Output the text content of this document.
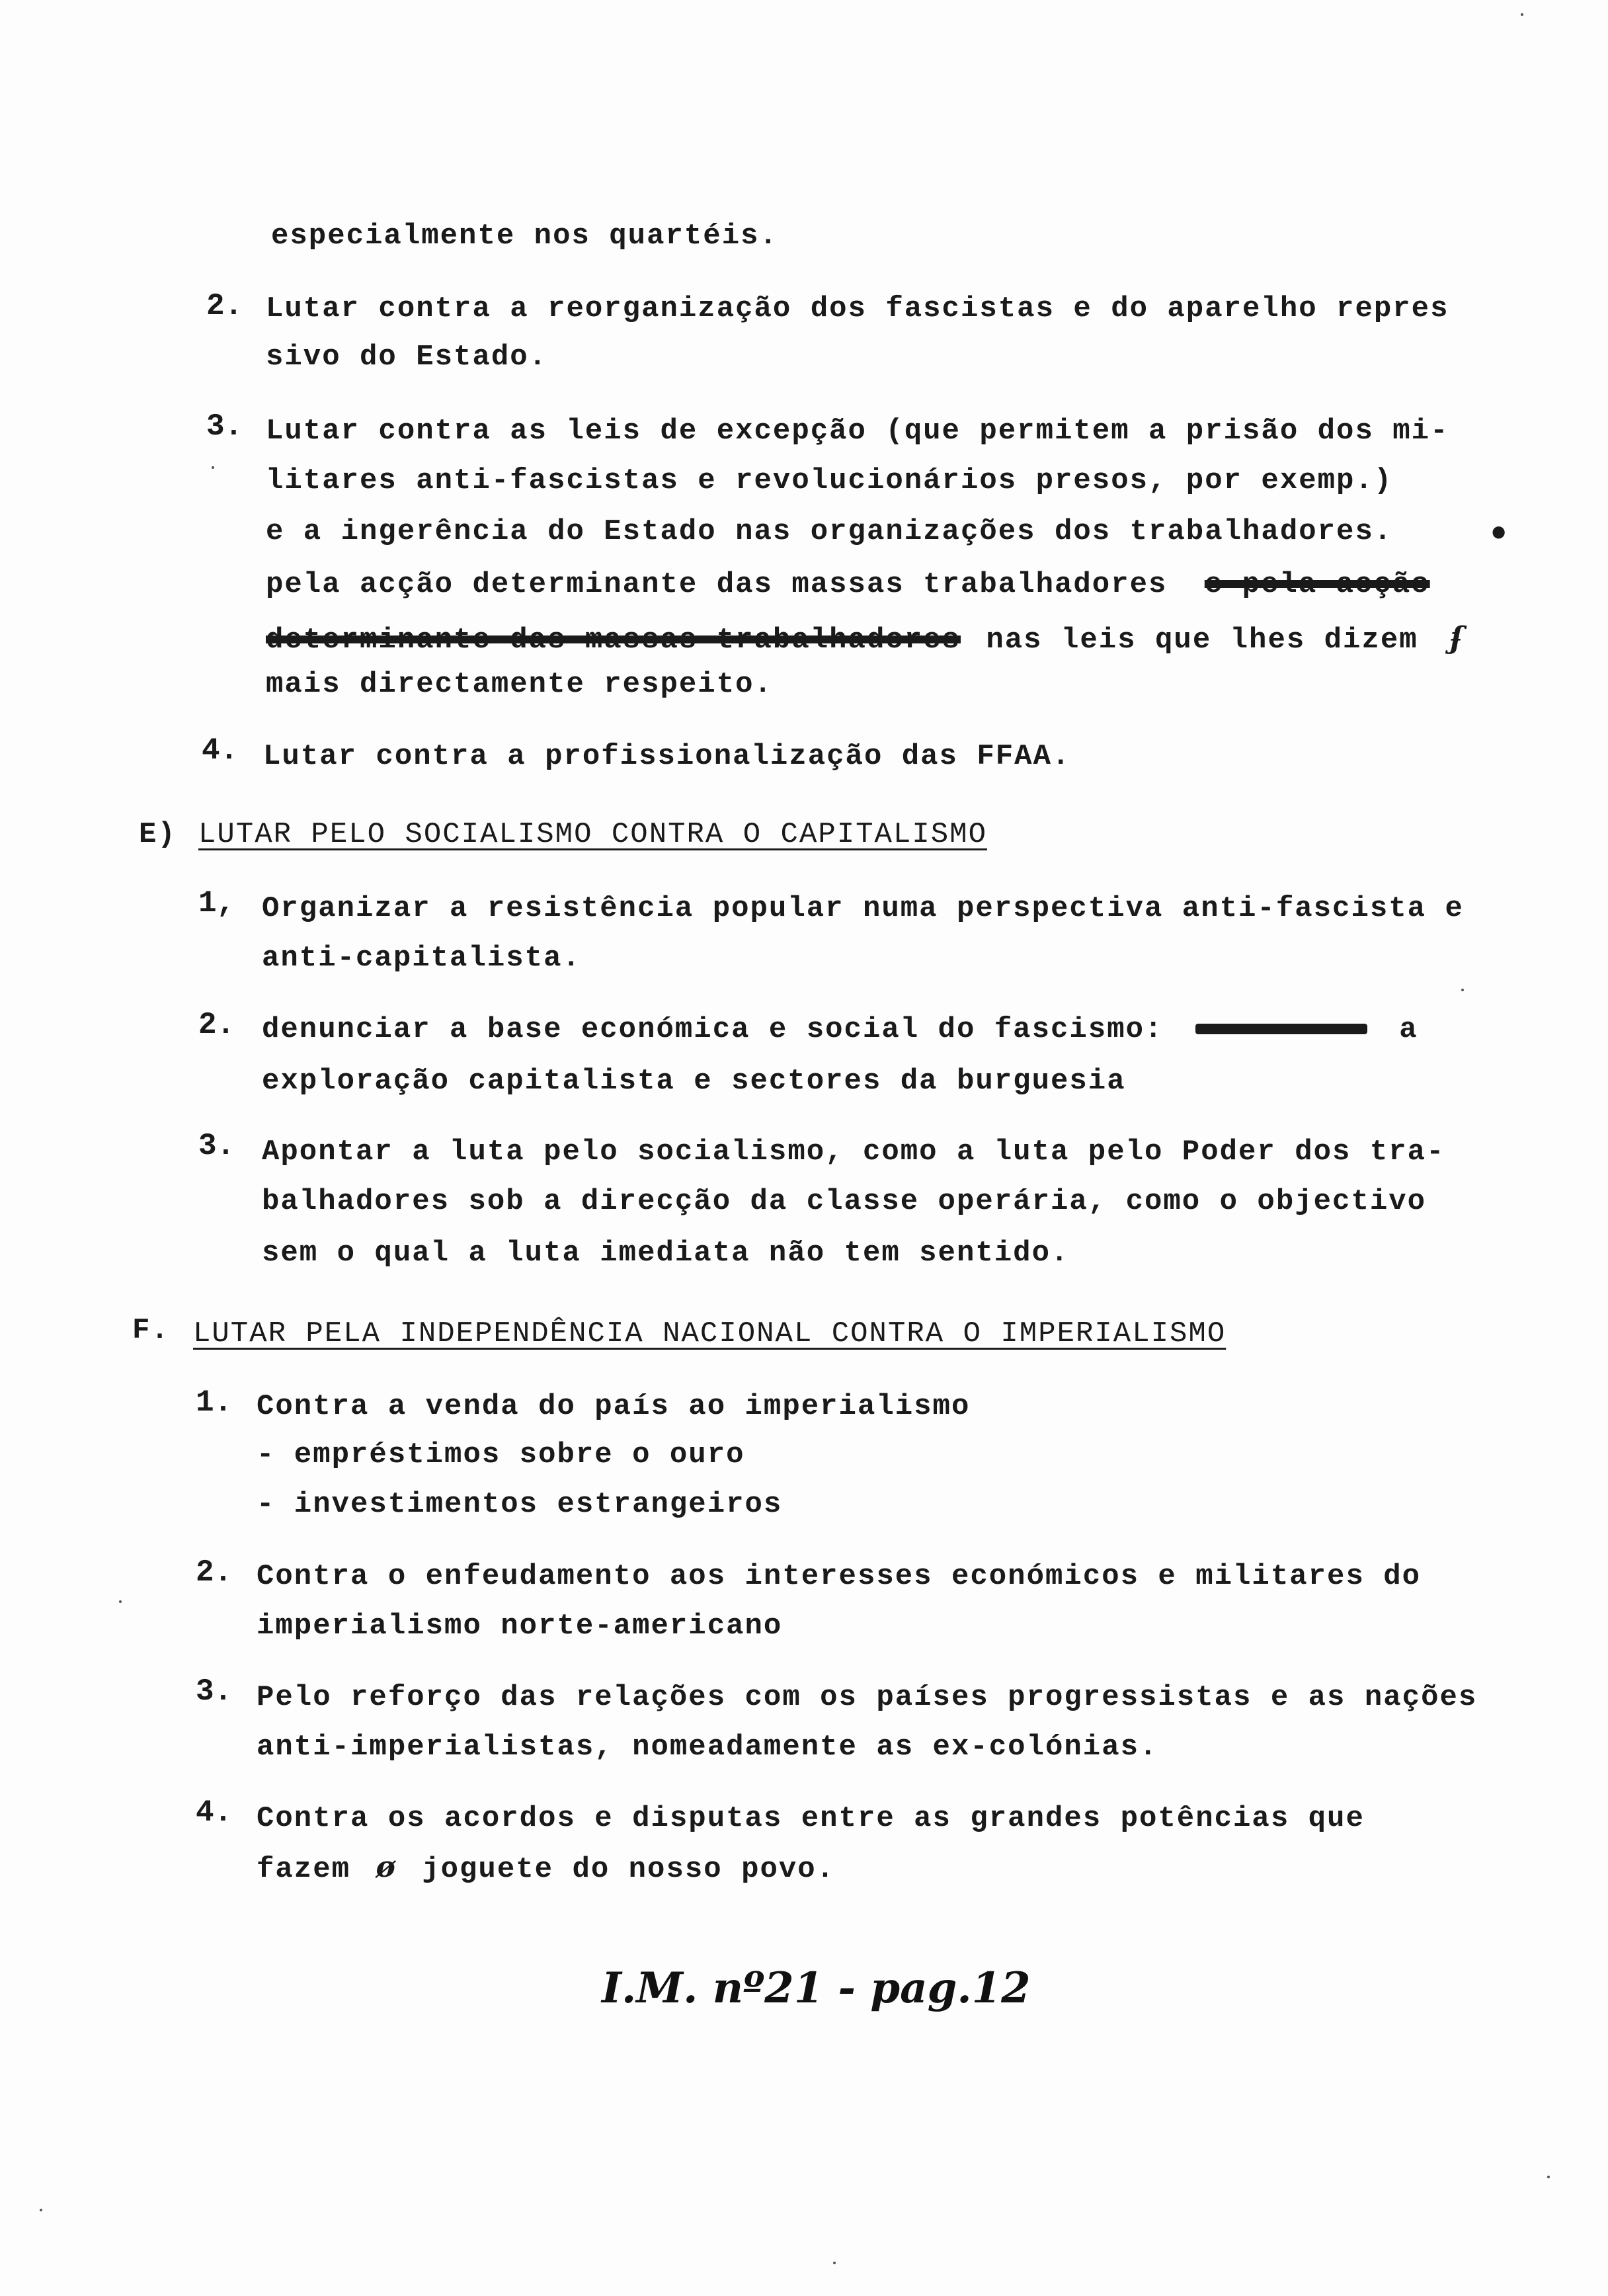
especialmente nos quartéis.
2. Lutar contra a reorganização dos fascistas e do aparelho repres
sivo do Estado.
3. Lutar contra as leis de excepção (que permitem a prisão dos mi-
litares anti-fascistas e revolucionários presos, por exemp.)
e a ingerência do Estado nas organizações dos trabalhadores.	•
pela acção determinante das massas trabalhadores e pela acção
determinante das massas trabalhadores nas leis que lhes dizem ʄ
mais directamente respeito.
4. Lutar contra a profissionalização das FFAA.
E) LUTAR PELO SOCIALISMO CONTRA O CAPITALISMO
1, Organizar a resistência popular numa perspectiva anti-fascista e
anti-capitalista.
2. denunciar a base económica e social do fascismo:	a
exploração capitalista e sectores da burguesia
3. Apontar a luta pelo socialismo, como a luta pelo Poder dos tra-
balhadores sob a direcção da classe operária, como o objectivo
sem o qual a luta imediata não tem sentido.
F. LUTAR PELA INDEPENDÊNCIA NACIONAL CONTRA O IMPERIALISMO
1. Contra a venda do país ao imperialismo
- empréstimos sobre o ouro
- investimentos estrangeiros
2. Contra o enfeudamento aos interesses económicos e militares do
imperialismo norte-americano
3. Pelo reforço das relações com os países progressistas e as nações
anti-imperialistas, nomeadamente as ex-colónias.
4. Contra os acordos e disputas entre as grandes potências que
fazem ø joguete do nosso povo.
I.M. nº21 - pag.12
